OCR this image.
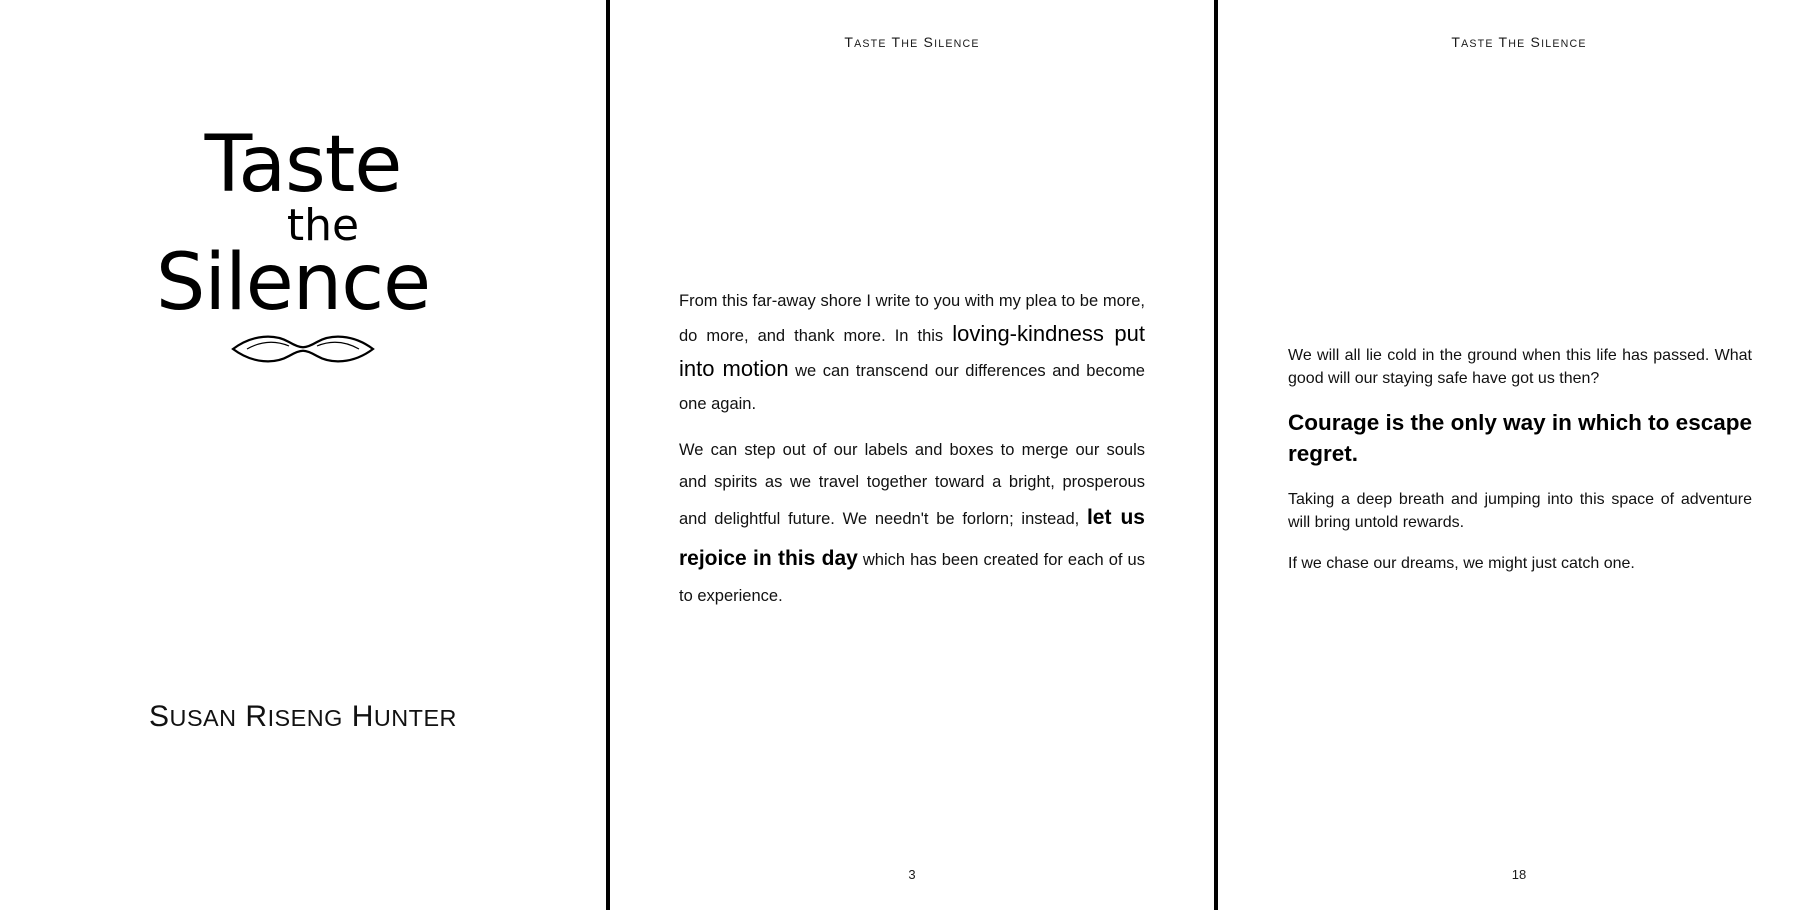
Taste
the
Silence
SUSAN RISENG HUNTER
TASTE THE SILENCE

From this far-away shore I write to you with my plea to be more, do more, and thank more. In this loving-kindness put into motion we can transcend our differences and become one again.

We can step out of our labels and boxes to merge our souls and spirits as we travel together toward a bright, prosperous and delightful future. We needn't be forlorn; instead, let us rejoice in this day which has been created for each of us to experience.

3
TASTE THE SILENCE

We will all lie cold in the ground when this life has passed. What good will our staying safe have got us then?

Courage is the only way in which to escape regret.

Taking a deep breath and jumping into this space of adventure will bring untold rewards.

If we chase our dreams, we might just catch one.

18
